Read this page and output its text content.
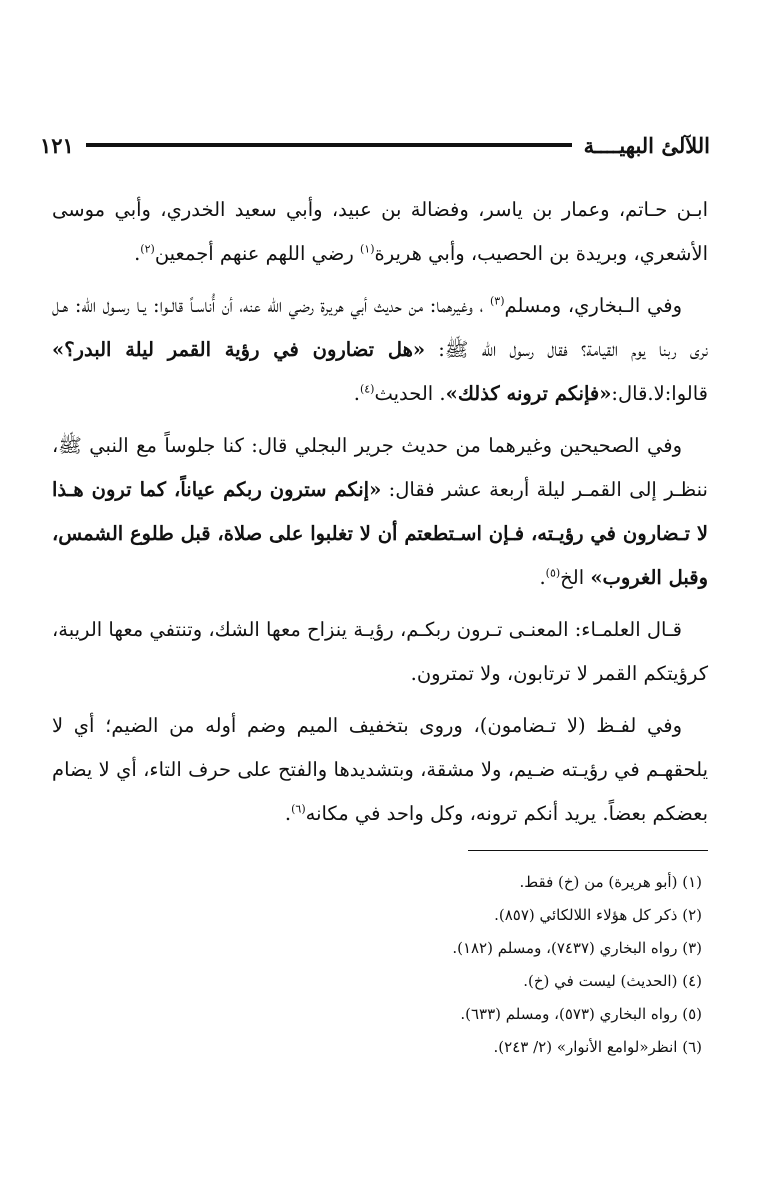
اللآلئ البهيــــة
١٢١

ابـن حـاتم، وعمار بن ياسر، وفضالة بن عبيد، وأبي سعيد الخدري، وأبي موسى الأشعري، وبريدة بن الحصيب، وأبي هريرة$^{(١)}$ رضي اللهم عنهم أجمعين$^{(٢)}$.

وفي الـبخاري، ومسلم$^{(٣)}$ ، وغيرهما: من حديث أبي هريرة رضي الله عنه، أن أُناسـاً قالـوا: يـا رسـول الله: هـل نرى ربنا يوم القيامة؟ فقال رسول الله ﷺ: «هل تضارون في رؤية القمر ليلة البدر؟» قالوا:لا.قال:«فإنكم ترونه كذلك». الحديث$^{(٤)}$.

وفي الصحيحين وغيرهما من حديث جرير البجلي قال: كنا جلوساً مع النبي ﷺ، ننظـر إلى القمـر ليلة أربعة عشر فقال: «إنكم سترون ربكم عياناً، كما ترون هـذا لا تـضارون في رؤيـته، فـإن اسـتطعتم أن لا تغلبوا على صلاة، قبل طلوع الشمس، وقبل الغروب» الخ$^{(٥)}$.

قـال العلمـاء: المعنـى تـرون ربكـم، رؤيـة ينزاح معها الشك، وتنتفي معها الريبة، كرؤيتكم القمر لا ترتابون، ولا تمترون.

وفي لفـظ (لا تـضامون)، وروى بتخفيف الميم وضم أوله من الضيم؛ أي لا يلحقهـم في رؤيـته ضـيم، ولا مشقة، وبتشديدها والفتح على حرف التاء، أي لا يضام بعضكم بعضاً. يريد أنكم ترونه، وكل واحد في مكانه$^{(٦)}$.

(١) (أبو هريرة) من (خ) فقط.
(٢) ذكر كل هؤلاء اللالكائي (٨٥٧).
(٣) رواه البخاري (٧٤٣٧)، ومسلم (١٨٢).
(٤) (الحديث) ليست في (خ).
(٥) رواه البخاري (٥٧٣)، ومسلم (٦٣٣).
(٦) انظر«لوامع الأنوار» (٢/ ٢٤٣).
